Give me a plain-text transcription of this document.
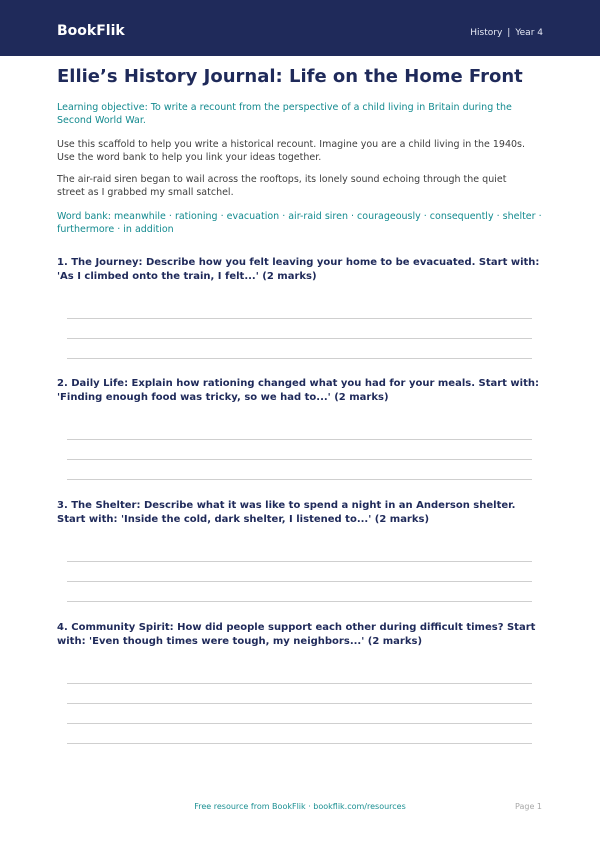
BookFlik	History | Year 4
Ellie’s History Journal: Life on the Home Front
Learning objective: To write a recount from the perspective of a child living in Britain during the Second World War.
Use this scaffold to help you write a historical recount. Imagine you are a child living in the 1940s. Use the word bank to help you link your ideas together.
The air-raid siren began to wail across the rooftops, its lonely sound echoing through the quiet street as I grabbed my small satchel.
Word bank: meanwhile · rationing · evacuation · air-raid siren · courageously · consequently · shelter · furthermore · in addition
1. The Journey: Describe how you felt leaving your home to be evacuated. Start with: 'As I climbed onto the train, I felt...' (2 marks)
2. Daily Life: Explain how rationing changed what you had for your meals. Start with: 'Finding enough food was tricky, so we had to...' (2 marks)
3. The Shelter: Describe what it was like to spend a night in an Anderson shelter. Start with: 'Inside the cold, dark shelter, I listened to...' (2 marks)
4. Community Spirit: How did people support each other during difficult times? Start with: 'Even though times were tough, my neighbors...' (2 marks)
Free resource from BookFlik · bookflik.com/resources	Page 1
